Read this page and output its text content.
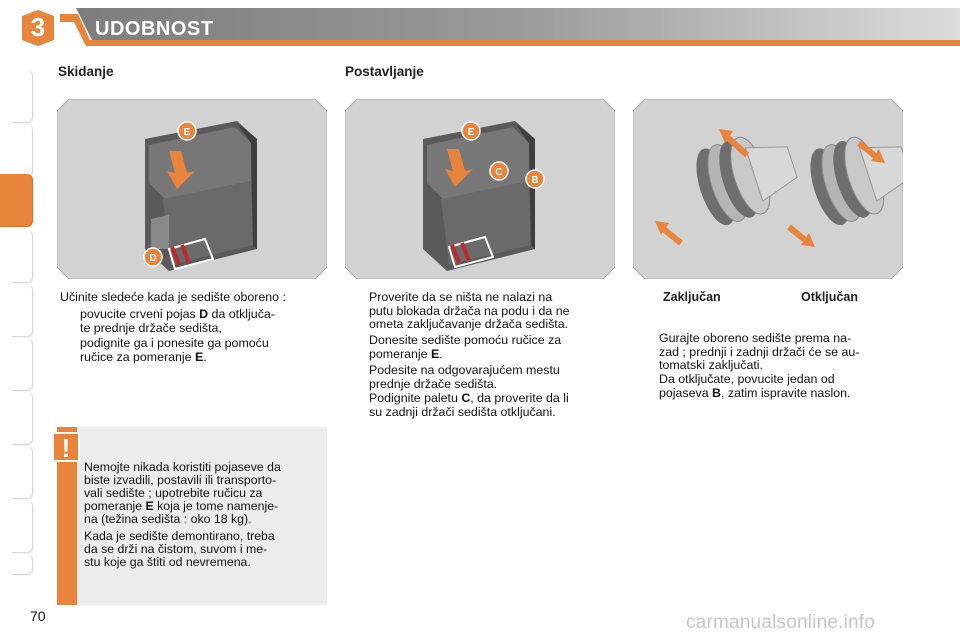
3	UDOBNOST
Skidanje	Postavljanje
E
D
E
C
B
Učinite sledeće kada je sedište oboreno :
povucite crveni pojas D da otključa-
te prednje držače sedišta,
podignite ga i ponesite ga pomoću
ručice za pomeranje E.
Proverite da se ništa ne nalazi na
putu blokada držača na podu i da ne
ometa zaključavanje držača sedišta.
Donesite sedište pomoću ručice za
pomeranje E.
Podesite na odgovarajućem mestu
prednje držače sedišta.
Podignite paletu C, da proverite da li
su zadnji držači sedišta otključani.
Zaključan	Otključan
Gurajte oboreno sedište prema na-
zad ; prednji i zadnji držači će se au-
tomatski zaključati.
Da otključate, povucite jedan od
pojaseva B, zatim ispravite naslon.
!
Nemojte nikada koristiti pojaseve da
biste izvadili, postavili ili transporto-
vali sedište ; upotrebite ručicu za
pomeranje E koja je tome namenje-
na (težina sedišta : oko 18 kg).
Kada je sedište demontirano, treba
da se drži na čistom, suvom i me-
stu koje ga štiti od nevremena.
70	carmanualsonline.info
